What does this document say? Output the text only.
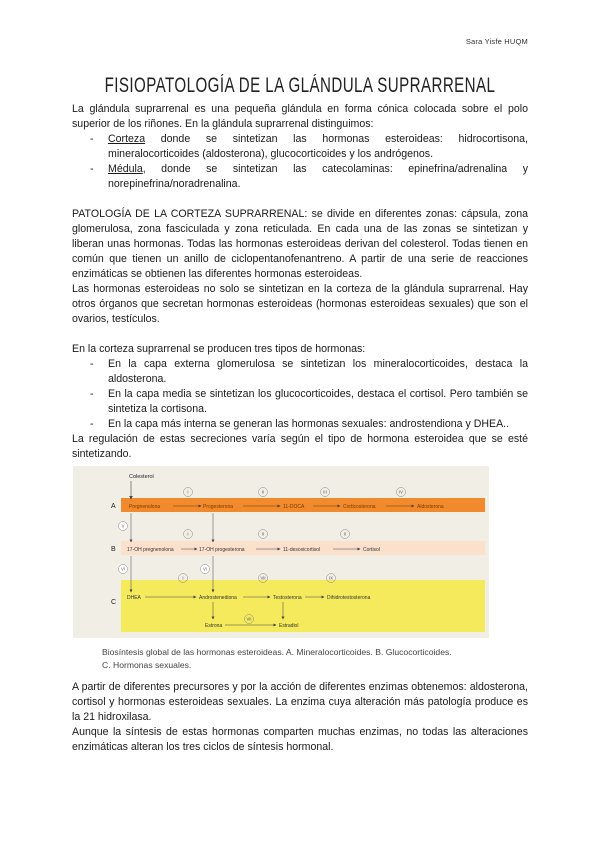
Sara Yisfe HUQM
FISIOPATOLOGÍA DE LA GLÁNDULA SUPRARRENAL

La glándula suprarrenal es una pequeña glándula en forma cónica colocada sobre el polo superior de los riñones. En la glándula suprarrenal distinguimos:

- Corteza donde se sintetizan las hormonas esteroideas: hidrocortisona, mineralocorticoides (aldosterona), glucocorticoides y los andrógenos.
- Médula, donde se sintetizan las catecolaminas: epinefrina/adrenalina y norepinefrina/noradrenalina.

PATOLOGÍA DE LA CORTEZA SUPRARRENAL: se divide en diferentes zonas: cápsula, zona glomerulosa, zona fasciculada y zona reticulada. En cada una de las zonas se sintetizan y liberan unas hormonas. Todas las hormonas esteroideas derivan del colesterol. Todas tienen en común que tienen un anillo de ciclopentanofenantreno. A partir de una serie de reacciones enzimáticas se obtienen las diferentes hormonas esteroideas.

Las hormonas esteroideas no solo se sintetizan en la corteza de la glándula suprarrenal. Hay otros órganos que secretan hormonas esteroideas (hormonas esteroideas sexuales) que son el ovarios, testículos.

En la corteza suprarrenal se producen tres tipos de hormonas:

- En la capa externa glomerulosa se sintetizan los mineralocorticoides, destaca la aldosterona.
- En la capa media se sintetizan los glucocorticoides, destaca el cortisol. Pero también se sintetiza la cortisona.
- En la capa más interna se generan las hormonas sexuales: androstendiona y DHEA..

La regulación de estas secreciones varía según el tipo de hormona esteroidea que se esté sintetizando.

A
B
C
Colesterol
Pregnenolona	Progesterona	11-DOCA	Corticosterona	Aldosterona
17-OH pregnenolona	17-OH progesterona	11-desoxicortisol	Cortisol
DHEA	Androstenediona	Testosterona	Dihidrotestosterona
Estrona	Estradiol
I	II	III	IV
V
I	II	II
VI
I	VII	IX
VI
VII
Biosíntesis global de las hormonas esteroideas. A. Mineralocorticoides. B. Glucocorticoides.
C. Hormonas sexuales.

A partir de diferentes precursores y por la acción de diferentes enzimas obtenemos: aldosterona, cortisol y hormonas esteroideas sexuales. La enzima cuya alteración más patología produce es la 21 hidroxilasa.

Aunque la síntesis de estas hormonas comparten muchas enzimas, no todas las alteraciones enzimáticas alteran los tres ciclos de síntesis hormonal.
